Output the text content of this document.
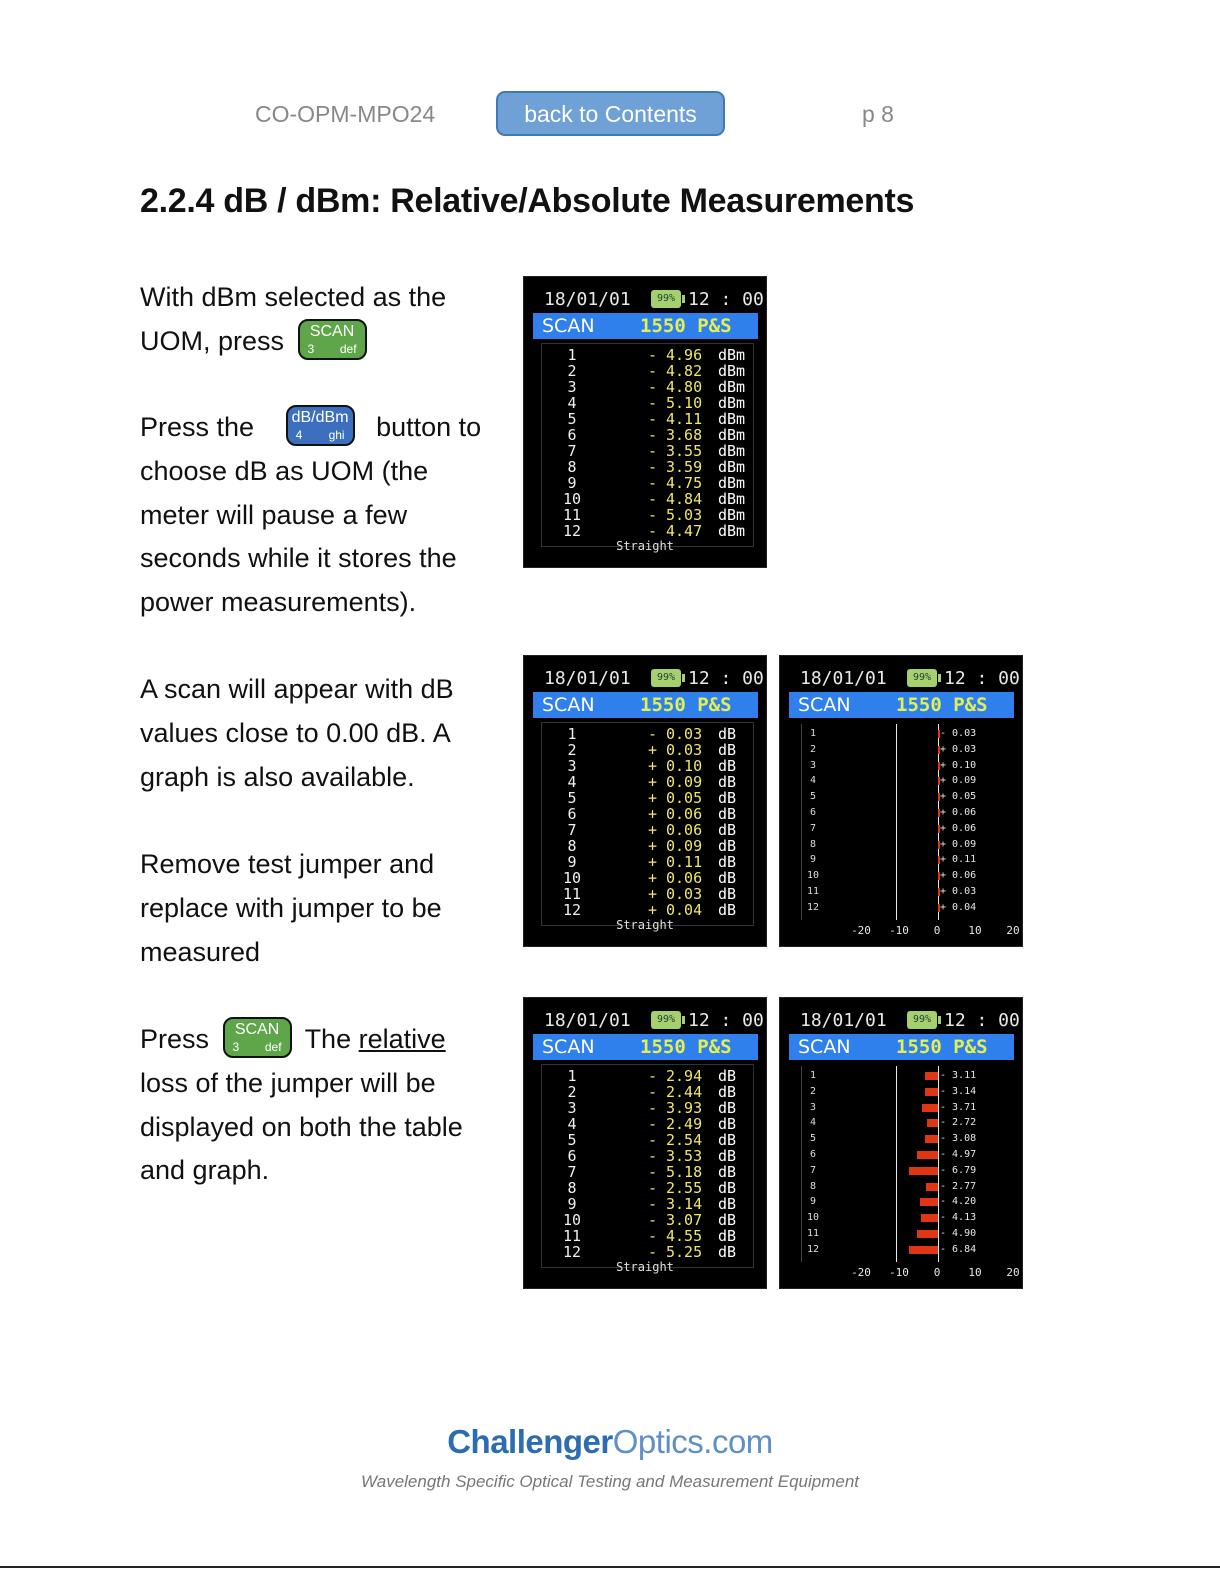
CO-OPM-MPO24	back to Contents	p 8
2.2.4 dB / dBm: Relative/Absolute Measurements
With dBm selected as the UOM, press	SCAN
3 def
Press the dB/dBm
4 ghi button to choose dB as UOM (the meter will pause a few seconds while it stores the power measurements).
A scan will appear with dB values close to 0.00 dB. A graph is also available.
Remove test jumper and replace with jumper to be measured
Press	SCAN
3 def The relative loss of the jumper will be displayed on both the table and graph.
18/01/01	99% 12 : 00
SCAN 1550 P&S
1	- 4.96 dBm
2	- 4.82 dBm
3	- 4.80 dBm
4	- 5.10 dBm
5	- 4.11 dBm
6	- 3.68 dBm
7	- 3.55 dBm
8	- 3.59 dBm
9	- 4.75 dBm
10	- 4.84 dBm
11	- 5.03 dBm
12	- 4.47 dBm
Straight
18/01/01	99% 12 : 00
SCAN 1550 P&S
1	- 0.03 dB
2	+ 0.03 dB
3	+ 0.10 dB
4	+ 0.09 dB
5	+ 0.05 dB
6	+ 0.06 dB
7	+ 0.06 dB
8	+ 0.09 dB
9	+ 0.11 dB
10	+ 0.06 dB
11	+ 0.03 dB
12	+ 0.04 dB
Straight
18/01/01	99% 12 : 00
SCAN 1550 P&S
1	- 0.03
2	+ 0.03
3	+ 0.10
4	+ 0.09
5	+ 0.05
6	+ 0.06
7	+ 0.06
8	+ 0.09
9	+ 0.11
10	+ 0.06
11	+ 0.03
12	+ 0.04
-20 -10 0	10 20
18/01/01	99% 12 : 00
SCAN 1550 P&S
1	- 2.94 dB
2	- 2.44 dB
3	- 3.93 dB
4	- 2.49 dB
5	- 2.54 dB
6	- 3.53 dB
7	- 5.18 dB
8	- 2.55 dB
9	- 3.14 dB
10	- 3.07 dB
11	- 4.55 dB
12	- 5.25 dB
Straight
18/01/01	99% 12 : 00
SCAN 1550 P&S
1	- 3.11
2	- 3.14
3	- 3.71
4	- 2.72
5	- 3.08
6	- 4.97
7	- 6.79
8	- 2.77
9	- 4.20
10	- 4.13
11	- 4.90
12	- 6.84
-20 -10 0	10 20
ChallengerOptics.com
Wavelength Specific Optical Testing and Measurement Equipment
